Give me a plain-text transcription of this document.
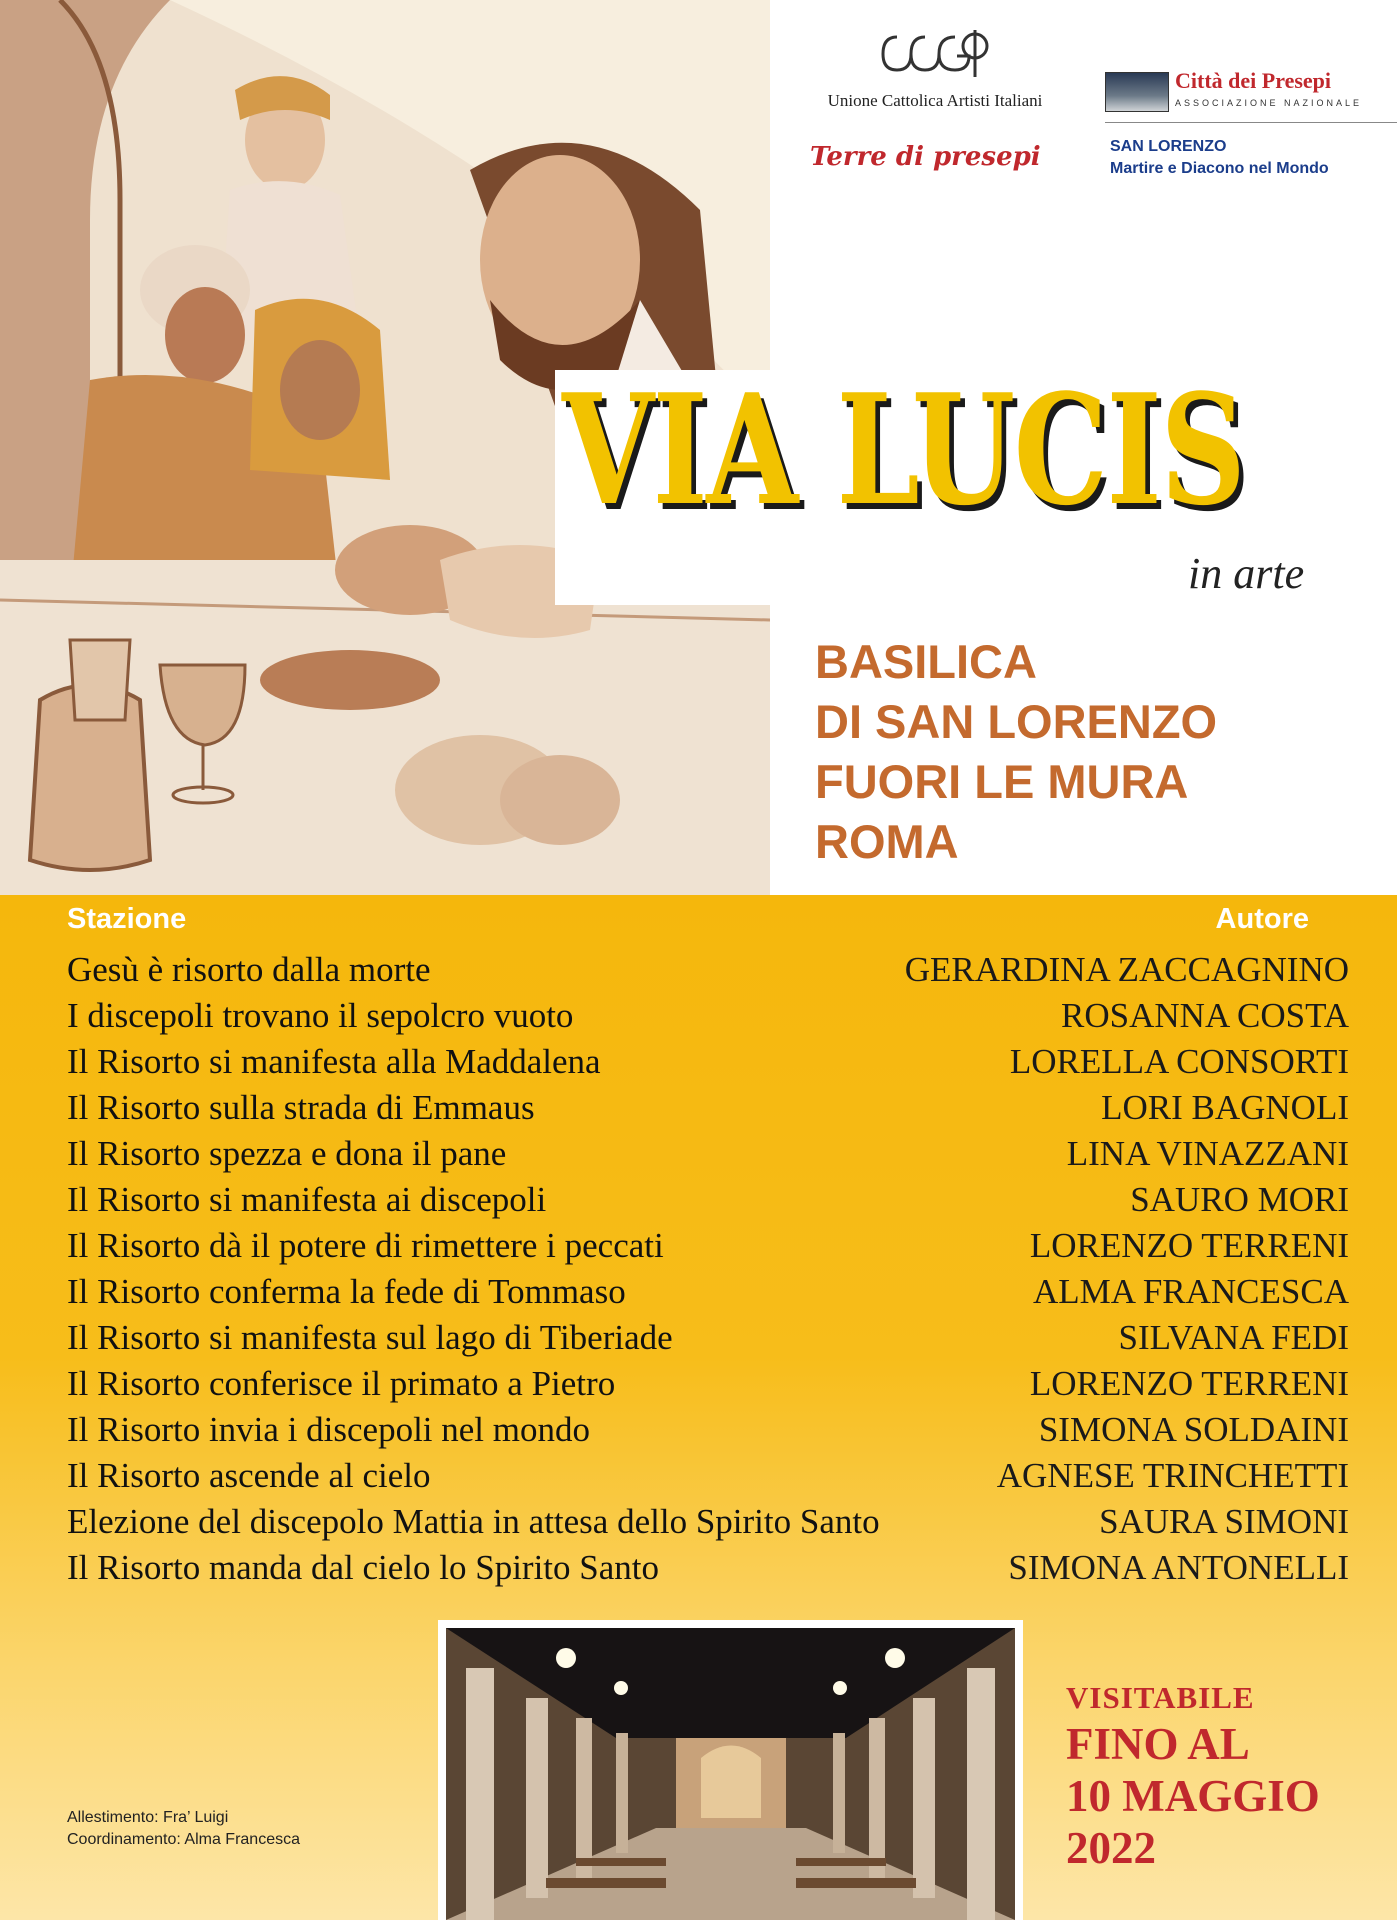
Unione Cattolica Artisti Italiani
Città dei Presepi
ASSOCIAZIONE NAZIONALE
Terre di presepi	SAN LORENZO
Martire e Diacono nel Mondo
VIA LUCIS
in arte
BASILICA
DI SAN LORENZO
FUORI LE MURA
ROMA
Stazione	Autore
Gesù è risorto dalla morte	GERARDINA ZACCAGNINO
I discepoli trovano il sepolcro vuoto	ROSANNA COSTA
Il Risorto si manifesta alla Maddalena	LORELLA CONSORTI
Il Risorto sulla strada di Emmaus	LORI BAGNOLI
Il Risorto spezza e dona il pane	LINA VINAZZANI
Il Risorto si manifesta ai discepoli	SAURO MORI
Il Risorto dà il potere di rimettere i peccati	LORENZO TERRENI
Il Risorto conferma la fede di Tommaso	ALMA FRANCESCA
Il Risorto si manifesta sul lago di Tiberiade	SILVANA FEDI
Il Risorto conferisce il primato a Pietro	LORENZO TERRENI
Il Risorto invia i discepoli nel mondo	SIMONA SOLDAINI
Il Risorto ascende al cielo	AGNESE TRINCHETTI
Elezione del discepolo Mattia in attesa dello Spirito Santo	SAURA SIMONI
Il Risorto manda dal cielo lo Spirito Santo	SIMONA ANTONELLI
Allestimento: Fra’ Luigi
Coordinamento: Alma Francesca
VISITABILE
FINO AL
10 MAGGIO
2022
